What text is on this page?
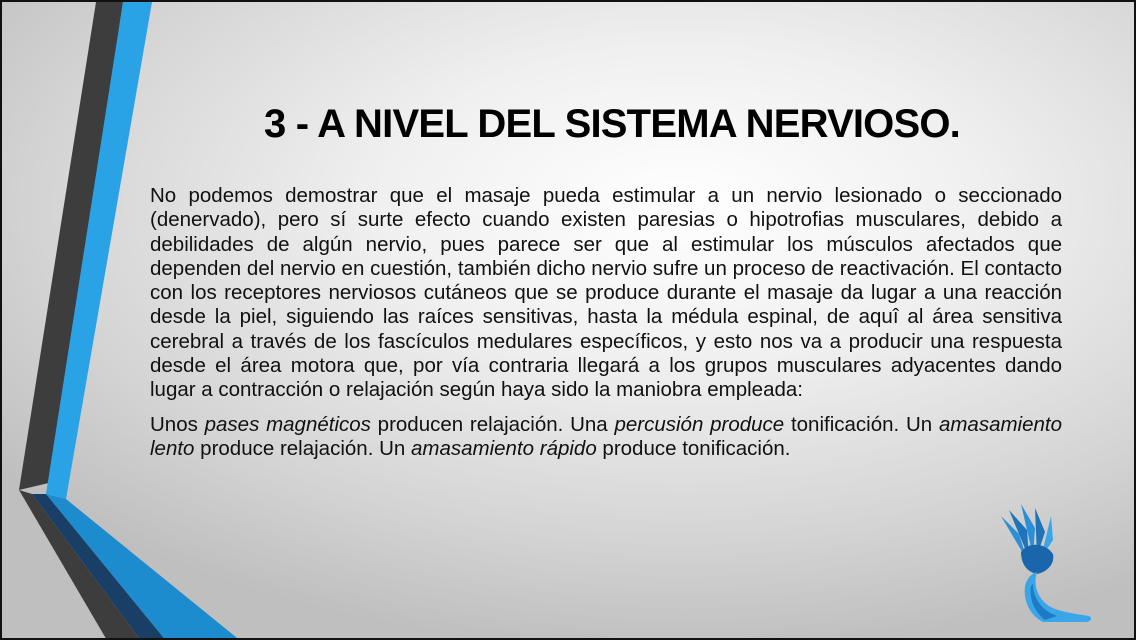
3 - A NIVEL DEL SISTEMA NERVIOSO.

No podemos demostrar que el masaje pueda estimular a un nervio lesionado o seccionado (denervado), pero sí surte efecto cuando existen paresias o hipotrofias musculares, debido a debilidades de algún nervio, pues parece ser que al estimular los músculos afectados que dependen del nervio en cuestión, también dicho nervio sufre un proceso de reactivación. El contacto con los receptores nerviosos cutáneos que se produce durante el masaje da lugar a una reacción desde la piel, siguiendo las raíces sensitivas, hasta la médula espinal, de aquî al área sensitiva cerebral a través de los fascículos medulares específicos, y esto nos va a producir una respuesta desde el área motora que, por vía contraria llegará a los grupos musculares adyacentes dando lugar a contracción o relajación según haya sido la maniobra empleada:

Unos pases magnéticos producen relajación. Una percusión produce tonificación. Un amasamiento lento produce relajación. Un amasamiento rápido produce tonificación.
